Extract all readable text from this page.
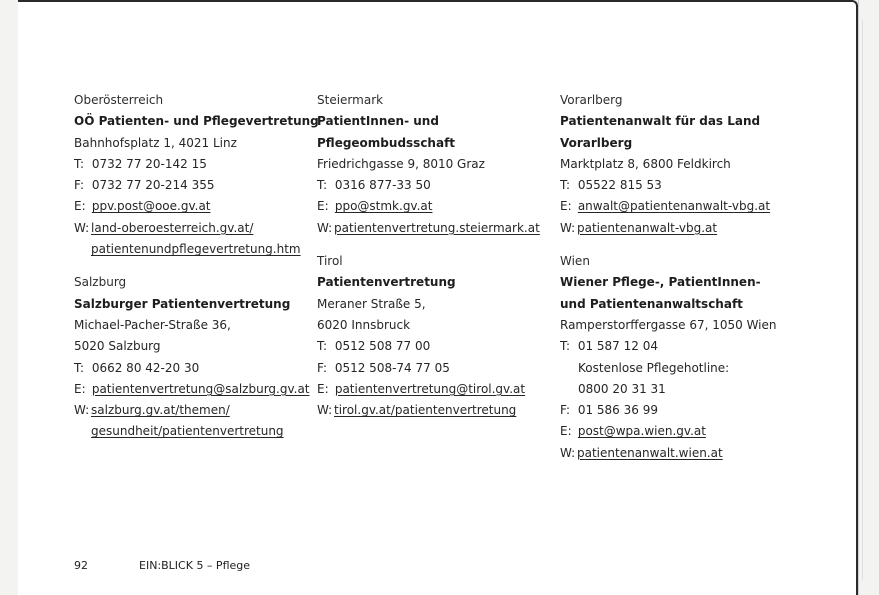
Oberösterreich
OÖ Patienten- und Pflegevertretung
Bahnhofsplatz 1, 4021 Linz
T: 0732 77 20-142 15
F: 0732 77 20-214 355
E: ppv.post@ooe.gv.at
W: land-oberoesterreich.gv.at/
patientenundpflegevertretung.htm
Salzburg
Salzburger Patientenvertretung
Michael-Pacher-Straße 36,
5020 Salzburg
T: 0662 80 42-20 30
E: patientenvertretung@salzburg.gv.at
W: salzburg.gv.at/themen/
gesundheit/patientenvertretung
Steiermark
PatientInnen- und
Pflegeombudsschaft
Friedrichgasse 9, 8010 Graz
T: 0316 877-33 50
E: ppo@stmk.gv.at
W: patientenvertretung.steiermark.at
Tirol
Patientenvertretung
Meraner Straße 5,
6020 Innsbruck
T: 0512 508 77 00
F: 0512 508-74 77 05
E: patientenvertretung@tirol.gv.at
W: tirol.gv.at/patientenvertretung
Vorarlberg
Patientenanwalt für das Land
Vorarlberg
Marktplatz 8, 6800 Feldkirch
T: 05522 815 53
E: anwalt@patientenanwalt-vbg.at
W: patientenanwalt-vbg.at
Wien
Wiener Pflege-, PatientInnen-
und Patientenanwaltschaft
Ramperstorffergasse 67, 1050 Wien
T: 01 587 12 04
Kostenlose Pflegehotline:
0800 20 31 31
F: 01 586 36 99
E: post@wpa.wien.gv.at
W: patientenanwalt.wien.at
92	EIN:BLICK 5 – Pflege
